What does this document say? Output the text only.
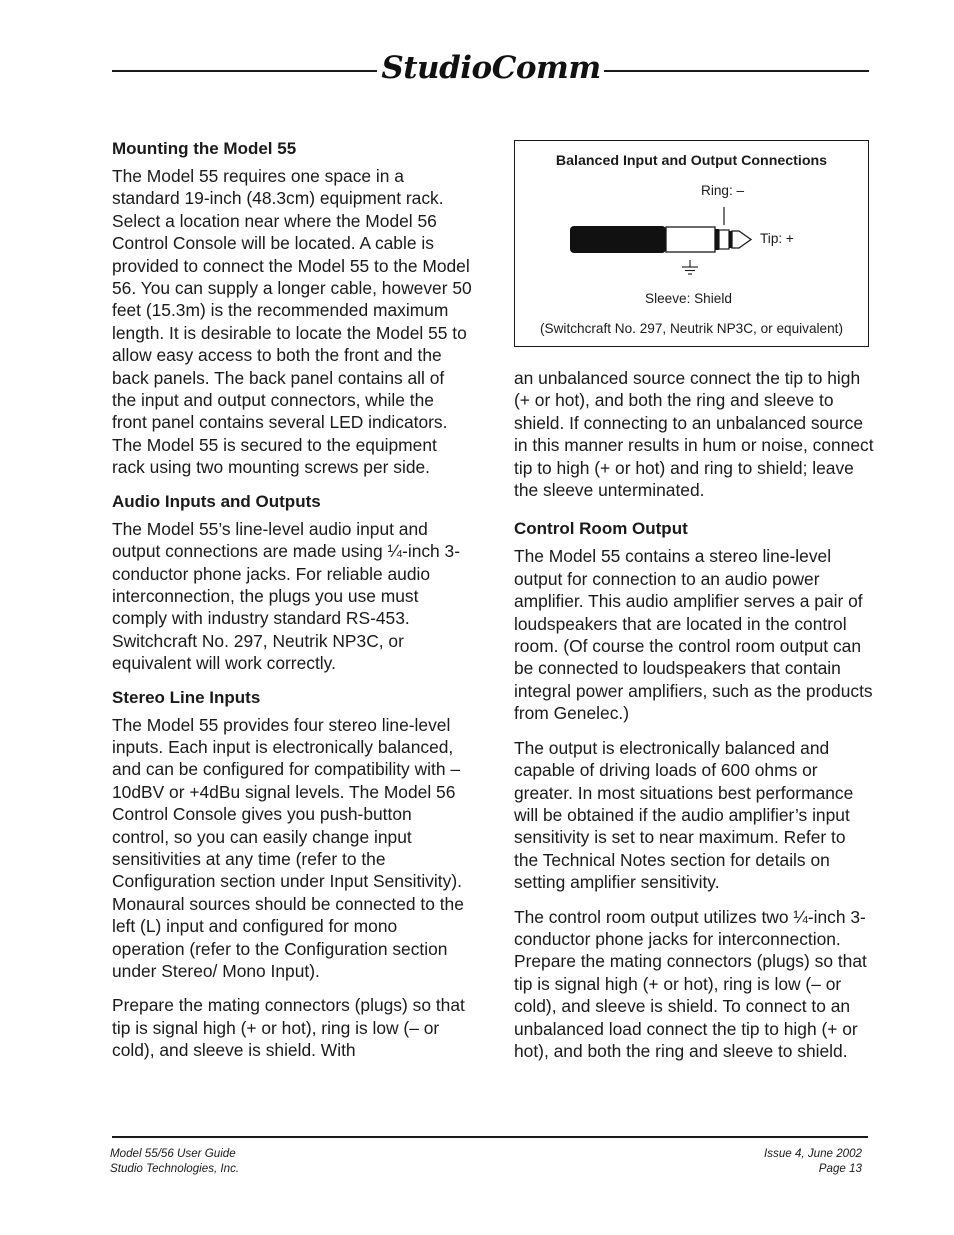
StudioComm
Mounting the Model 55

The Model 55 requires one space in a standard 19-inch (48.3cm) equipment rack. Select a location near where the Model 56 Control Console will be located. A cable is provided to connect the Model 55 to the Model 56. You can supply a longer cable, however 50 feet (15.3m) is the recommended maximum length. It is desirable to locate the Model 55 to allow easy access to both the front and the back panels. The back panel contains all of the input and output connectors, while the front panel contains several LED indicators. The Model 55 is secured to the equipment rack using two mounting screws per side.

Audio Inputs and Outputs

The Model 55’s line-level audio input and output connections are made using ¼-inch 3-conductor phone jacks. For reliable audio interconnection, the plugs you use must comply with industry standard RS-453. Switchcraft No. 297, Neutrik NP3C, or equivalent will work correctly.

Stereo Line Inputs

The Model 55 provides four stereo line-level inputs. Each input is electronically balanced, and can be configured for compatibility with –10dBV or +4dBu signal levels. The Model 56 Control Console gives you push-button control, so you can easily change input sensitivities at any time (refer to the Configuration section under Input Sensitivity). Monaural sources should be connected to the left (L) input and configured for mono operation (refer to the Configuration section under Stereo/ Mono Input).

Prepare the mating connectors (plugs) so that tip is signal high (+ or hot), ring is low (– or cold), and sleeve is shield. With

Balanced Input and Output Connections
Ring: –
Tip: +
Sleeve: Shield
(Switchcraft No. 297, Neutrik NP3C, or equivalent)

an unbalanced source connect the tip to high (+ or hot), and both the ring and sleeve to shield. If connecting to an unbalanced source in this manner results in hum or noise, connect tip to high (+ or hot) and ring to shield; leave the sleeve unterminated.

Control Room Output

The Model 55 contains a stereo line-level output for connection to an audio power amplifier. This audio amplifier serves a pair of loudspeakers that are located in the control room. (Of course the control room output can be connected to loudspeakers that contain integral power amplifiers, such as the products from Genelec.)

The output is electronically balanced and capable of driving loads of 600 ohms or greater. In most situations best performance will be obtained if the audio amplifier’s input sensitivity is set to near maximum. Refer to the Technical Notes section for details on setting amplifier sensitivity.

The control room output utilizes two ¼-inch 3-conductor phone jacks for interconnection. Prepare the mating connectors (plugs) so that tip is signal high (+ or hot), ring is low (– or cold), and sleeve is shield. To connect to an unbalanced load connect the tip to high (+ or hot), and both the ring and sleeve to shield.

Model 55/56 User Guide
Studio Technologies, Inc.
Issue 4, June 2002
Page 13
